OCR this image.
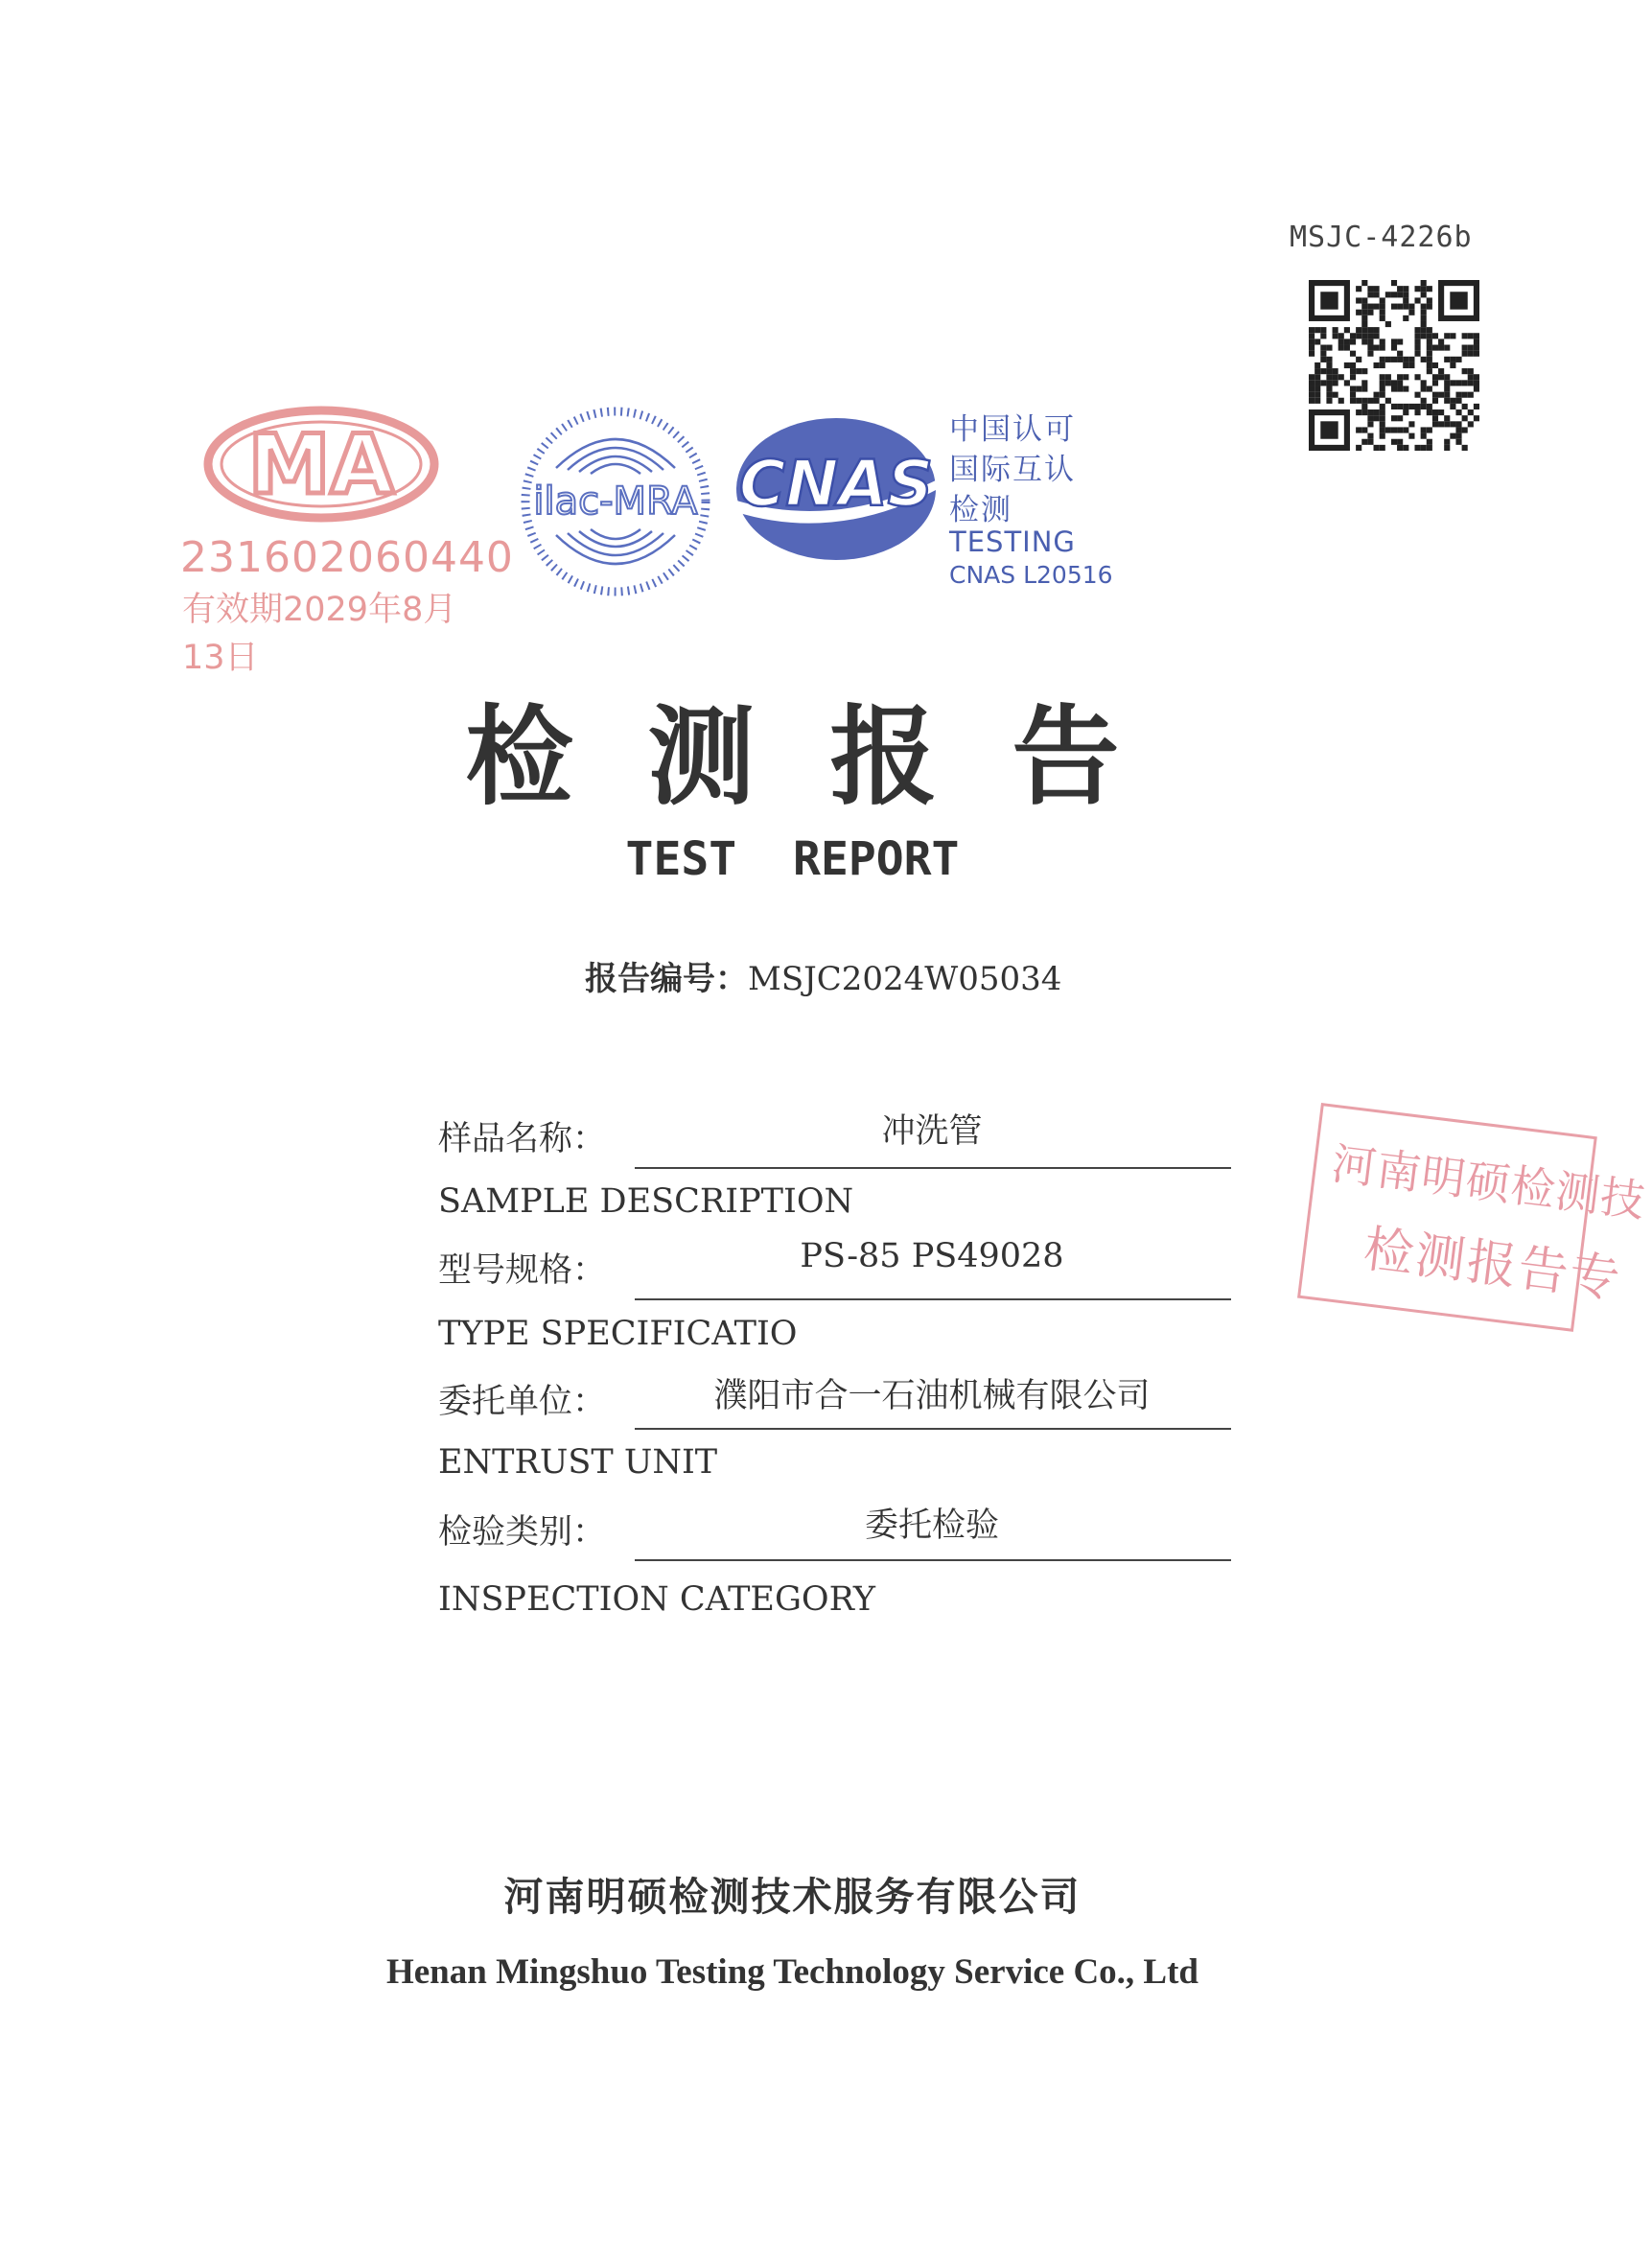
MSJC-4226b
MA
231602060440
有效期2029年8月13日
ilac-MRA CNAS
中国认可
国际互认
检测
TESTING
CNAS L20516
检测报告
TEST REPORT
报告编号：MSJC2024W05034
样品名称：	冲洗管
SAMPLE DESCRIPTION
型号规格：	PS-85 PS49028
TYPE SPECIFICATIO
委托单位：	濮阳市合一石油机械有限公司
ENTRUST UNIT
检验类别：	委托检验
INSPECTION CATEGORY
河南明硕检测技
检测报告专
河南明硕检测技术服务有限公司
Henan Mingshuo Testing Technology Service Co., Ltd
